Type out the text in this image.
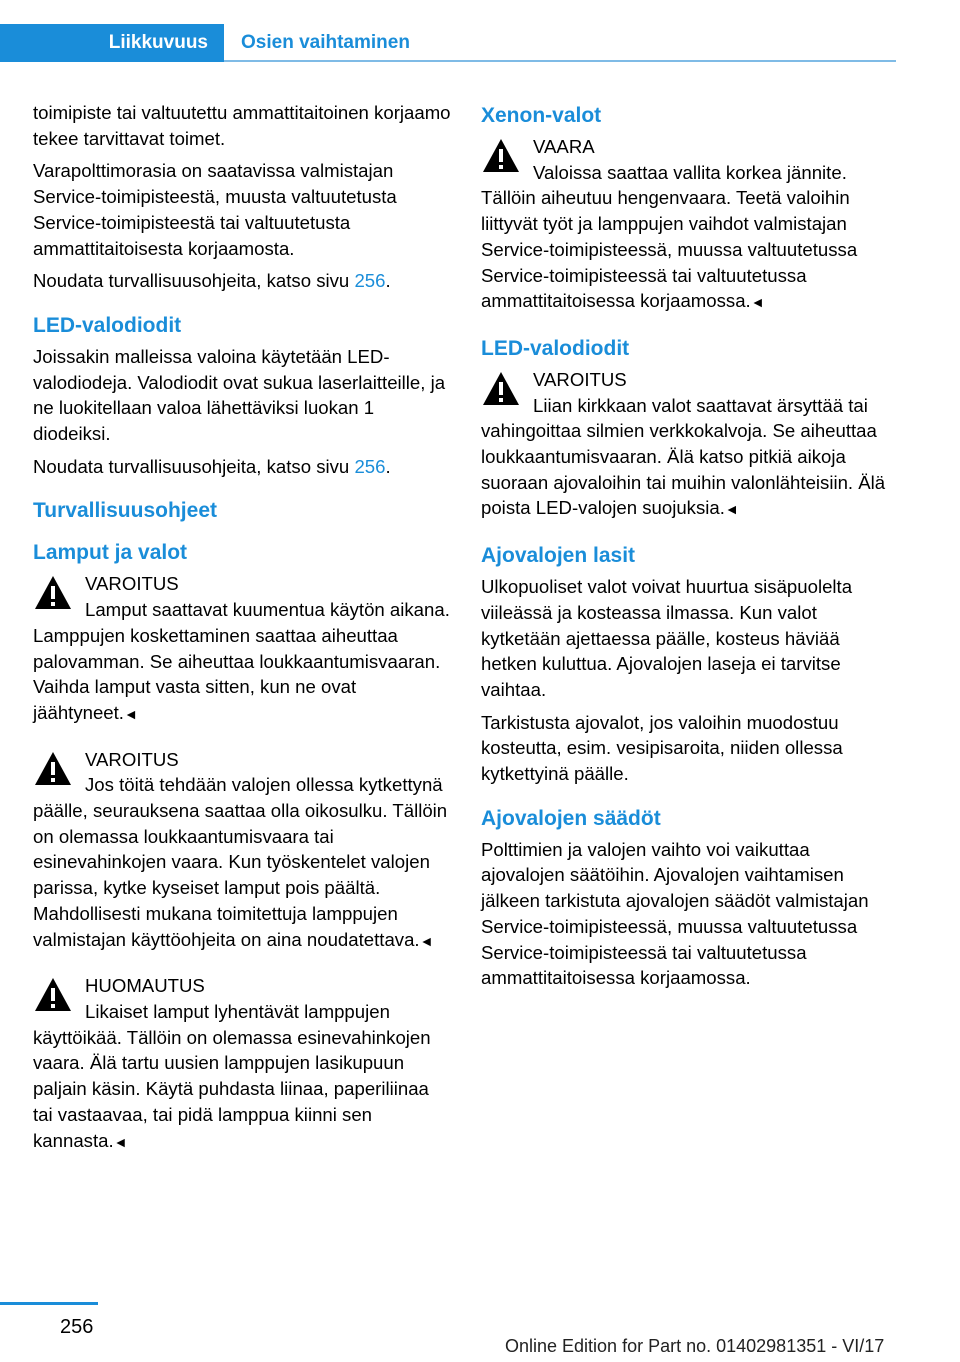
Liikkuvuus Osien vaihtaminen

toimipiste tai valtuutettu ammattitaitoinen korjaamo tekee tarvittavat toimet.

Varapolttimorasia on saatavissa valmistajan Service-toimipisteestä, muusta valtuutetusta Service-toimipisteestä tai valtuutetusta ammattitaitoisesta korjaamosta.

Noudata turvallisuusohjeita, katso sivu 256.

LED-valodiodit

Joissakin malleissa valoina käytetään LED-valodiodeja. Valodiodit ovat sukua laserlaitteille, ja ne luokitellaan valoa lähettäviksi luokan 1 diodeiksi.

Noudata turvallisuusohjeita, katso sivu 256.

Turvallisuusohjeet
Lamput ja valot
VAROITUS
Lamput saattavat kuumentua käytön aikana. Lamppujen koskettaminen saattaa aiheuttaa palovamman. Se aiheuttaa loukkaantumisvaaran. Vaihda lamput vasta sitten, kun ne ovat jäähtyneet.◄
VAROITUS
Jos töitä tehdään valojen ollessa kytkettynä päälle, seurauksena saattaa olla oikosulku. Tällöin on olemassa loukkaantumisvaara tai esinevahinkojen vaara. Kun työskentelet valojen parissa, kytke kyseiset lamput pois päältä. Mahdollisesti mukana toimitettuja lamppujen valmistajan käyttöohjeita on aina noudatettava.◄
HUOMAUTUS
Likaiset lamput lyhentävät lamppujen käyttöikää. Tällöin on olemassa esinevahinkojen vaara. Älä tartu uusien lamppujen lasikupuun paljain käsin. Käytä puhdasta liinaa, paperiliinaa tai vastaavaa, tai pidä lamppua kiinni sen kannasta.◄
Xenon-valot
VAARA
Valoissa saattaa vallita korkea jännite. Tällöin aiheutuu hengenvaara. Teetä valoihin liittyvät työt ja lamppujen vaihdot valmistajan Service-toimipisteessä, muussa valtuutetussa Service-toimipisteessä tai valtuutetussa ammattitaitoisessa korjaamossa.◄
LED-valodiodit
VAROITUS
Liian kirkkaan valot saattavat ärsyttää tai vahingoittaa silmien verkkokalvoja. Se aiheuttaa loukkaantumisvaaran. Älä katso pitkiä aikoja suoraan ajovaloihin tai muihin valonlähteisiin. Älä poista LED-valojen suojuksia.◄
Ajovalojen lasit

Ulkopuoliset valot voivat huurtua sisäpuolelta viileässä ja kosteassa ilmassa. Kun valot kytketään ajettaessa päälle, kosteus häviää hetken kuluttua. Ajovalojen laseja ei tarvitse vaihtaa.

Tarkistusta ajovalot, jos valoihin muodostuu kosteutta, esim. vesipisaroita, niiden ollessa kytkettyinä päälle.

Ajovalojen säädöt

Polttimien ja valojen vaihto voi vaikuttaa ajovalojen säätöihin. Ajovalojen vaihtamisen jälkeen tarkistuta ajovalojen säädöt valmistajan Service-toimipisteessä, muussa valtuutetussa Service-toimipisteessä tai valtuutetussa ammattitaitoisessa korjaamossa.

256
Online Edition for Part no. 01402981351 - VI/17
